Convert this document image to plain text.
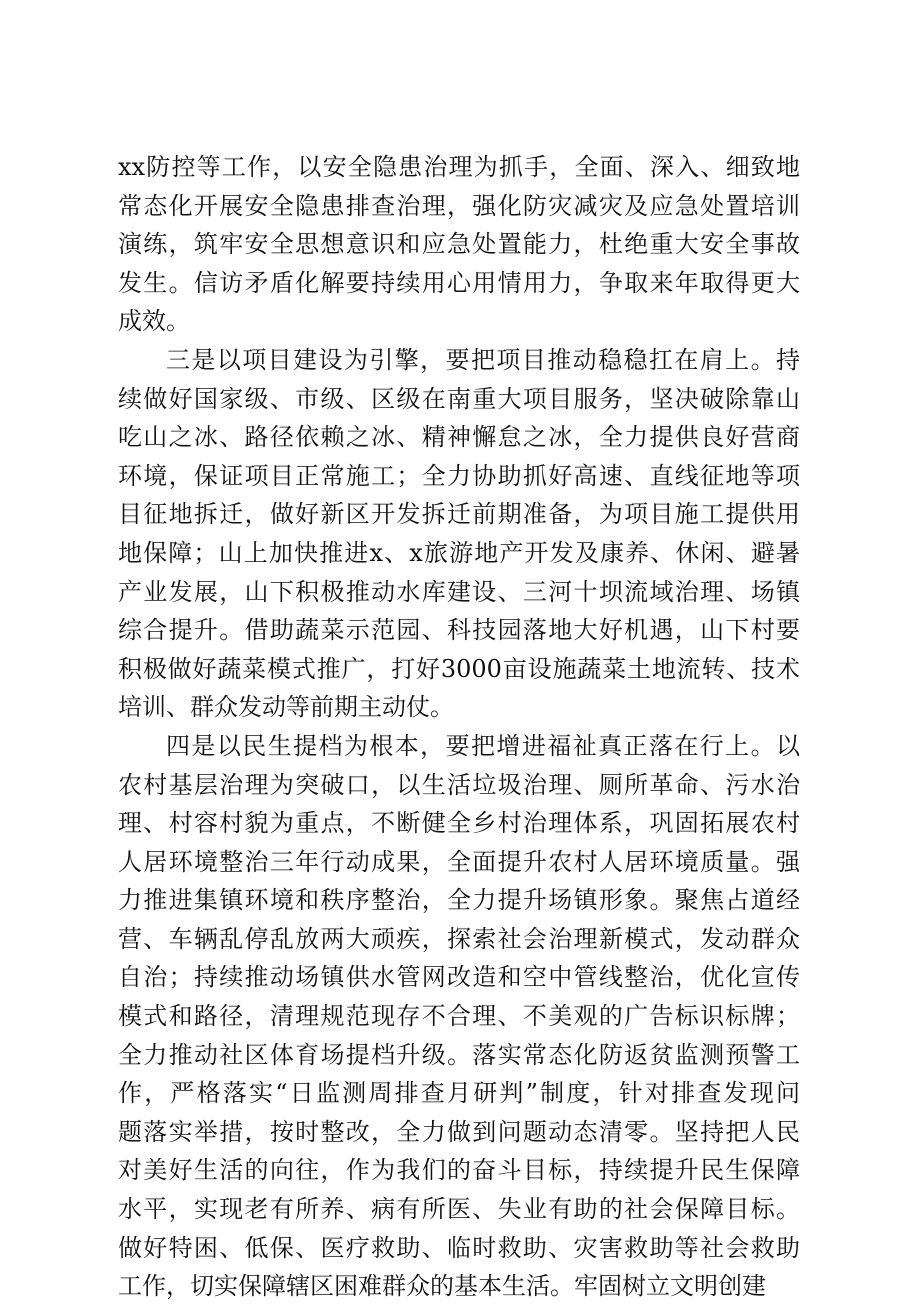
xx防控等工作，以安全隐患治理为抓手，全面、深入、细致地
常态化开展安全隐患排查治理，强化防灾减灾及应急处置培训
演练，筑牢安全思想意识和应急处置能力，杜绝重大安全事故
发生。信访矛盾化解要持续用心用情用力，争取来年取得更大
成效。
三是以项目建设为引擎，要把项目推动稳稳扛在肩上。持
续做好国家级、市级、区级在南重大项目服务，坚决破除靠山
吃山之冰、路径依赖之冰、精神懈怠之冰，全力提供良好营商
环境，保证项目正常施工；全力协助抓好高速、直线征地等项
目征地拆迁，做好新区开发拆迁前期准备，为项目施工提供用
地保障；山上加快推进x、x旅游地产开发及康养、休闲、避暑
产业发展，山下积极推动水库建设、三河十坝流域治理、场镇
综合提升。借助蔬菜示范园、科技园落地大好机遇，山下村要
积极做好蔬菜模式推广，打好3000亩设施蔬菜土地流转、技术
培训、群众发动等前期主动仗。
四是以民生提档为根本，要把增进福祉真正落在行上。以
农村基层治理为突破口，以生活垃圾治理、厕所革命、污水治
理、村容村貌为重点，不断健全乡村治理体系，巩固拓展农村
人居环境整治三年行动成果，全面提升农村人居环境质量。强
力推进集镇环境和秩序整治，全力提升场镇形象。聚焦占道经
营、车辆乱停乱放两大顽疾，探索社会治理新模式，发动群众
自治；持续推动场镇供水管网改造和空中管线整治，优化宣传
模式和路径，清理规范现存不合理、不美观的广告标识标牌；
全力推动社区体育场提档升级。落实常态化防返贫监测预警工
作，严格落实“日监测周排查月研判”制度，针对排查发现问
题落实举措，按时整改，全力做到问题动态清零。坚持把人民
对美好生活的向往，作为我们的奋斗目标，持续提升民生保障
水平，实现老有所养、病有所医、失业有助的社会保障目标。
做好特困、低保、医疗救助、临时救助、灾害救助等社会救助
工作，切实保障辖区困难群众的基本生活。牢固树立文明创建
